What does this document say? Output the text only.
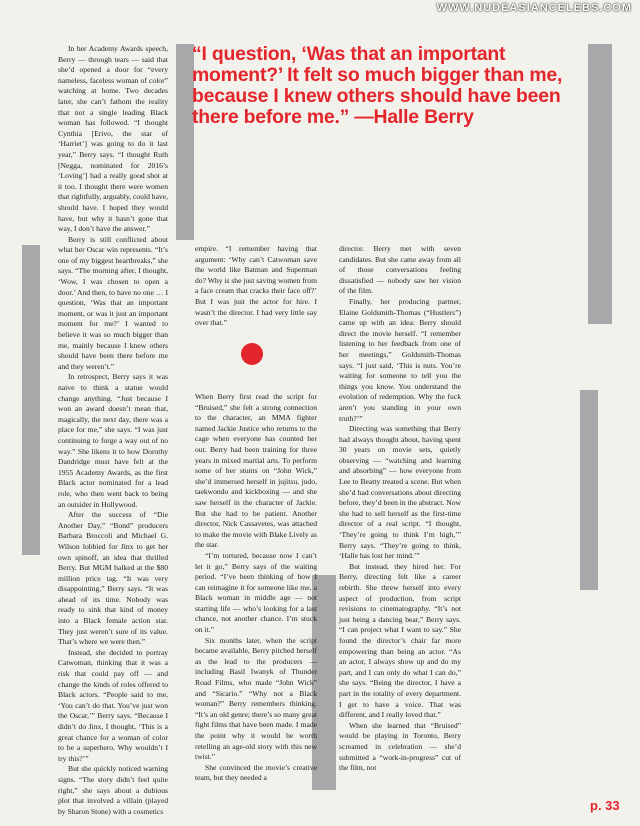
WWW.NUDEASIANCELEBS.COM
“I question, ‘Was that an important moment?’ It felt so much bigger than me, because I knew others should have been there before me.” —Halle Berry

In her Academy Awards speech, Berry — through tears — said that she’d opened a door for “every nameless, faceless woman of color” watching at home. Two decades later, she can’t fathom the reality that not a single leading Black woman has followed. “I thought Cynthia [Erivo, the star of ‘Harriet’] was going to do it last year,” Berry says. “I thought Ruth [Negga, nominated for 2016’s ‘Loving’] had a really good shot at it too. I thought there were women that rightfully, arguably, could have, should have. I hoped they would have, but why it hasn’t gone that way, I don’t have the answer.”

Berry is still conflicted about what her Oscar win represents. “It’s one of my biggest heartbreaks,” she says. “The morning after, I thought, ‘Wow, I was chosen to open a door.’ And then, to have no one … I question, ‘Was that an important moment, or was it just an important moment for me?’ I wanted to believe it was so much bigger than me, mainly because I knew others should have been there before me and they weren’t.”

In retrospect, Berry says it was naive to think a statue would change anything. “Just because I won an award doesn’t mean that, magically, the next day, there was a place for me,” she says. “I was just continuing to forge a way out of no way.” She likens it to how Dorothy Dandridge must have felt at the 1955 Academy Awards, as the first Black actor nominated for a lead role, who then went back to being an outsider in Hollywood.

After the success of “Die Another Day,” “Bond” producers Barbara Broccoli and Michael G. Wilson lobbied for Jinx to get her own spinoff, an idea that thrilled Berry. But MGM balked at the $80 million price tag. “It was very disappointing,” Berry says. “It was ahead of its time. Nobody was ready to sink that kind of money into a Black female action star. They just weren’t sure of its value. That’s where we were then.”

Instead, she decided to portray Catwoman, thinking that it was a risk that could pay off — and change the kinds of roles offered to Black actors. “People said to me, ‘You can’t do that. You’ve just won the Oscar,’” Berry says. “Because I didn’t do Jinx, I thought, ‘This is a great chance for a woman of color to be a superhero. Why wouldn’t I try this?’”

But she quickly noticed warning signs. “The story didn’t feel quite right,” she says about a dubious plot that involved a villain (played by Sharon Stone) with a cosmetics

empire. “I remember having that argument: ‘Why can’t Catwoman save the world like Batman and Superman do? Why is she just saving women from a face cream that cracks their face off?’ But I was just the actor for hire. I wasn’t the director. I had very little say over that.”

When Berry first read the script for “Bruised,” she felt a strong connection to the character, an MMA fighter named Jackie Justice who returns to the cage when everyone has counted her out. Berry had been training for three years in mixed martial arts. To perform some of her stunts on “John Wick,” she’d immersed herself in jujitsu, judo, taekwondo and kickboxing — and she saw herself in the character of Jackie. But she had to be patient. Another director, Nick Cassavetes, was attached to make the movie with Blake Lively as the star.

“I’m tortured, because now I can’t let it go,” Berry says of the waiting period. “I’ve been thinking of how I can reimagine it for someone like me, a Black woman in middle age — not starting life — who’s looking for a last chance, not another chance. I’m stuck on it.”

Six months later, when the script became available, Berry pitched herself as the lead to the producers — including Basil Iwanyk of Thunder Road Films, who made “John Wick” and “Sicario.” “Why not a Black woman?” Berry remembers thinking. “It’s an old genre; there’s so many great fight films that have been made. I made the point why it would be worth retelling an age-old story with this new twist.”

She convinced the movie’s creative team, but they needed a

director. Berry met with seven candidates. But she came away from all of those conversations feeling dissatisfied — nobody saw her vision of the film.

Finally, her producing partner, Elaine Goldsmith-Thomas (“Hustlers”) came up with an idea: Berry should direct the movie herself. “I remember listening to her feedback from one of her meetings,” Goldsmith-Thomas says. “I just said, ‘This is nuts. You’re waiting for someone to tell you the things you know. You understand the evolution of redemption. Why the fuck aren’t you standing in your own truth?’”

Directing was something that Berry had always thought about, having spent 30 years on movie sets, quietly observing — “watching and learning and absorbing” — how everyone from Lee to Beatty treated a scene. But when she’d had conversations about directing before, they’d been in the abstract. Now she had to sell herself as the first-time director of a real script. “I thought, ‘They’re going to think I’m high,’” Berry says. “They’re going to think, ‘Halle has lost her mind.’”

But instead, they hired her. For Berry, directing felt like a career rebirth. She threw herself into every aspect of production, from script revisions to cinematography. “It’s not just being a dancing bear,” Berry says. “I can project what I want to say.” She found the director’s chair far more empowering than being an actor. “As an actor, I always show up and do my part, and I can only do what I can do,” she says. “Being the director, I have a part in the totality of every department. I get to have a voice. That was different, and I really loved that.”

When she learned that “Bruised” would be playing in Toronto, Berry screamed in celebration — she’d submitted a “work-in-progress” cut of the film, not

p. 33
